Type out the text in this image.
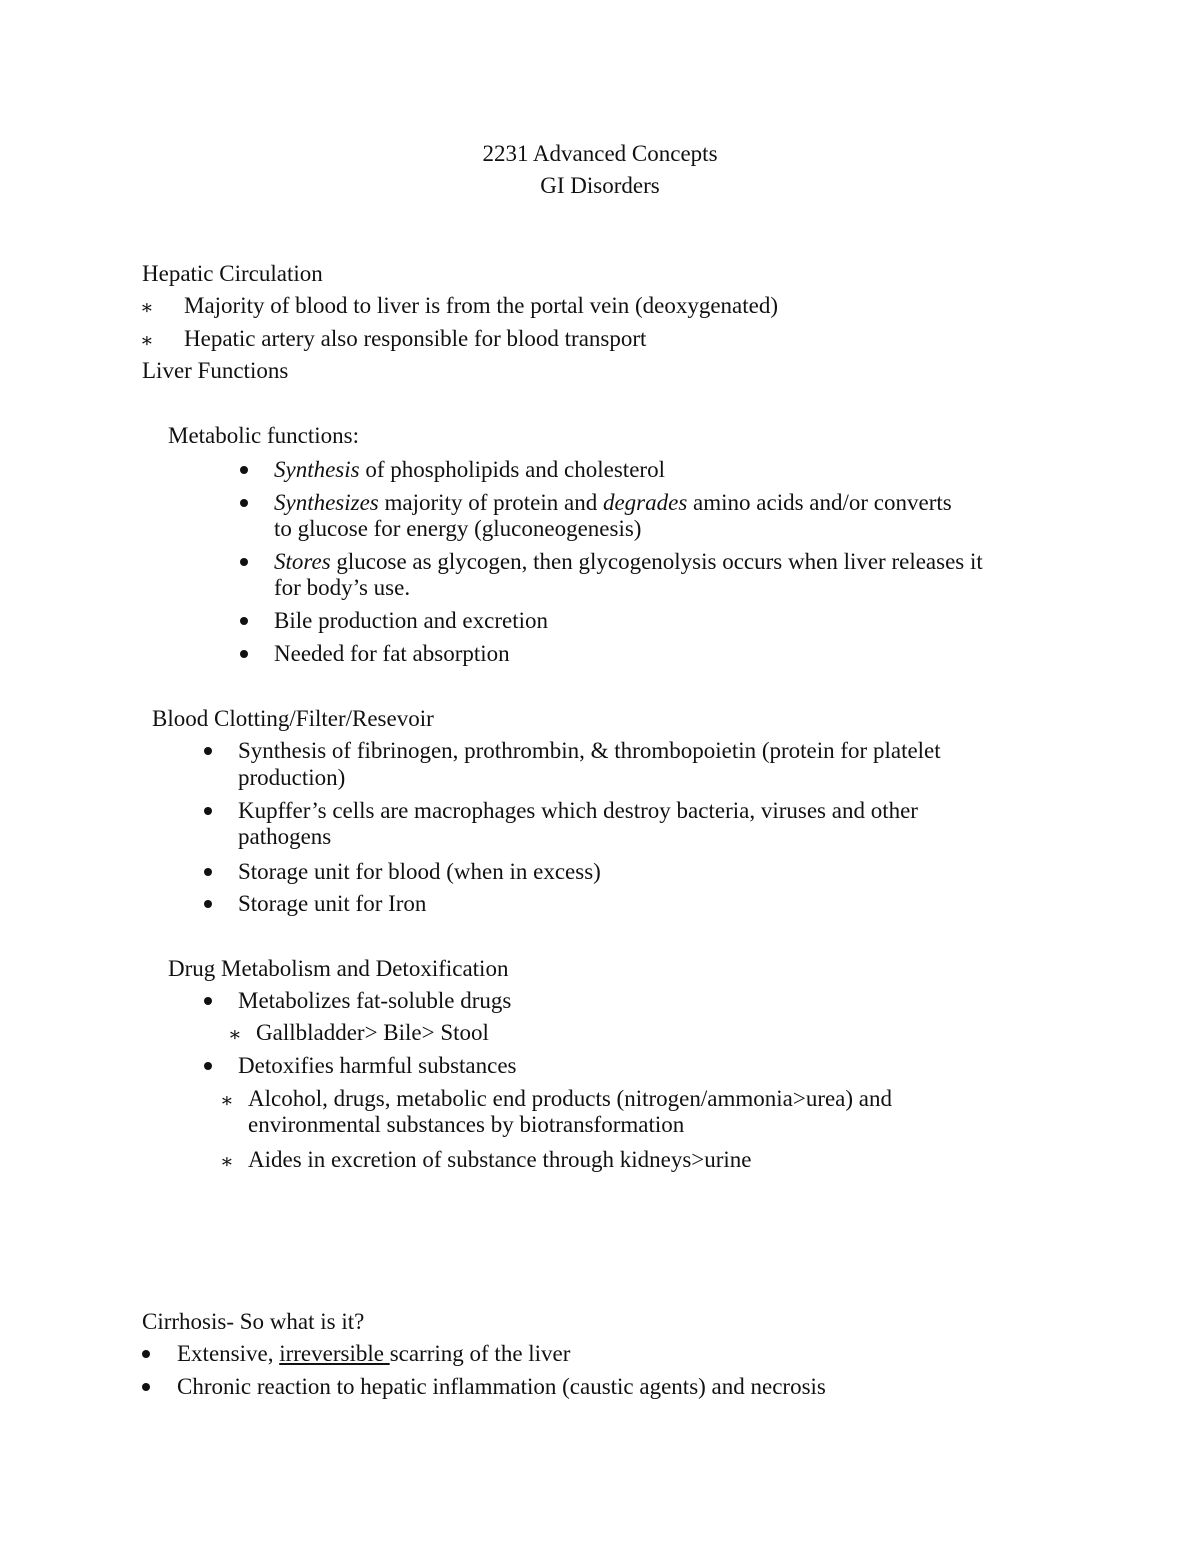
2231 Advanced Concepts
GI Disorders
Hepatic Circulation
∗ Majority of blood to liver is from the portal vein (deoxygenated)
∗ Hepatic artery also responsible for blood transport
Liver Functions
Metabolic functions:
Synthesis of phospholipids and cholesterol
Synthesizes majority of protein and degrades amino acids and/or converts
to glucose for energy (gluconeogenesis)
Stores glucose as glycogen, then glycogenolysis occurs when liver releases it
for body’s use.
Bile production and excretion
Needed for fat absorption
Blood Clotting/Filter/Resevoir
Synthesis of fibrinogen, prothrombin, & thrombopoietin (protein for platelet
production)
Kupffer’s cells are macrophages which destroy bacteria, viruses and other
pathogens
Storage unit for blood (when in excess)
Storage unit for Iron
Drug Metabolism and Detoxification
Metabolizes fat-soluble drugs
∗ Gallbladder> Bile> Stool
Detoxifies harmful substances
∗ Alcohol, drugs, metabolic end products (nitrogen/ammonia>urea) and
environmental substances by biotransformation
∗ Aides in excretion of substance through kidneys>urine
Cirrhosis- So what is it?
Extensive, irreversible scarring of the liver
Chronic reaction to hepatic inflammation (caustic agents) and necrosis
